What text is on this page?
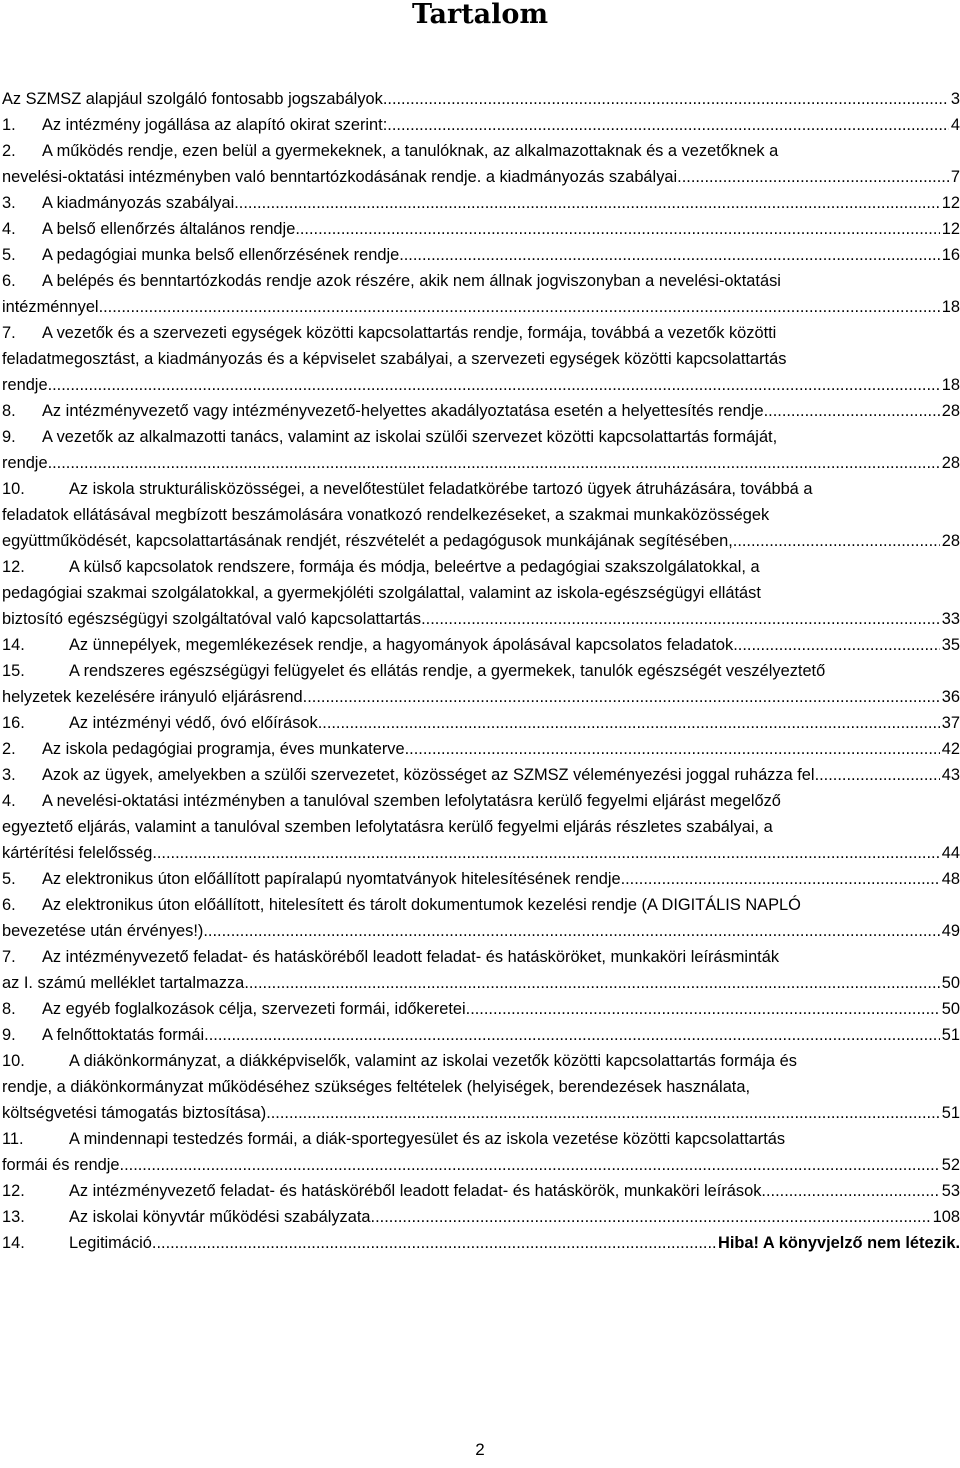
Tartalom
Az SZMSZ alapjául szolgáló fontosabb jogszabályok .....	3
1. Az intézmény jogállása az alapító okirat szerint: .....	4
2. A működés rendje, ezen belül a gyermekeknek, a tanulóknak, az alkalmazottaknak és a vezetőknek a
nevelési-oktatási intézményben való benntartózkodásának rendje. a kiadmányozás szabályai .....	7
3. A kiadmányozás szabályai .....	12
4. A belső ellenőrzés általános rendje .....	12
5. A pedagógiai munka belső ellenőrzésének rendje .....	16
6. A belépés és benntartózkodás rendje azok részére, akik nem állnak jogviszonyban a nevelési-oktatási
intézménnyel .....	18
7. A vezetők és a szervezeti egységek közötti kapcsolattartás rendje, formája, továbbá a vezetők közötti
feladatmegosztást, a kiadmányozás és a képviselet szabályai, a szervezeti egységek közötti kapcsolattartás
rendje .....	18
8. Az intézményvezető vagy intézményvezető-helyettes akadályoztatása esetén a helyettesítés rendje .....	28
9. A vezetők az alkalmazotti tanács, valamint az iskolai szülői szervezet közötti kapcsolattartás formáját,
rendje .....	28
10.	Az iskola strukturálisközösségei, a nevelőtestület feladatkörébe tartozó ügyek átruházására, továbbá a
feladatok ellátásával megbízott beszámolására vonatkozó rendelkezéseket, a szakmai munkaközösségek
együttműködését, kapcsolattartásának rendjét, részvételét a pedagógusok munkájának segítésében, .....	28
12.	A külső kapcsolatok rendszere, formája és módja, beleértve a pedagógiai szakszolgálatokkal, a
pedagógiai szakmai szolgálatokkal, a gyermekjóléti szolgálattal, valamint az iskola-egészségügyi ellátást
biztosító egészségügyi szolgáltatóval való kapcsolattartás .....	33
14.	Az ünnepélyek, megemlékezések rendje, a hagyományok ápolásával kapcsolatos feladatok .....	35
15.	A rendszeres egészségügyi felügyelet és ellátás rendje, a gyermekek, tanulók egészségét veszélyeztető
helyzetek kezelésére irányuló eljárásrend .....	36
16.	Az intézményi védő, óvó előírások .....	37
2. Az iskola pedagógiai programja, éves munkaterve .....	42
3. Azok az ügyek, amelyekben a szülői szervezetet, közösséget az SZMSZ véleményezési joggal ruházza fel .....	43
4. A nevelési-oktatási intézményben a tanulóval szemben lefolytatásra kerülő fegyelmi eljárást megelőző
egyeztető eljárás, valamint a tanulóval szemben lefolytatásra kerülő fegyelmi eljárás részletes szabályai, a
kártérítési felelősség .....	44
5. Az elektronikus úton előállított papíralapú nyomtatványok hitelesítésének rendje .....	48
6. Az elektronikus úton előállított, hitelesített és tárolt dokumentumok kezelési rendje (A DIGITÁLIS NAPLÓ
bevezetése után érvényes!) .....	49
7. Az intézményvezető feladat- és hatásköréből leadott feladat- és hatásköröket, munkaköri leírásminták
az I. számú melléklet tartalmazza .....	50
8. Az egyéb foglalkozások célja, szervezeti formái, időkeretei .....	50
9. A felnőttoktatás formái .....	51
10.	A diákönkormányzat, a diákképviselők, valamint az iskolai vezetők közötti kapcsolattartás formája és
rendje, a diákönkormányzat működéséhez szükséges feltételek (helyiségek, berendezések használata,
költségvetési támogatás biztosítása) .....	51
11.	A mindennapi testedzés formái, a diák-sportegyesület és az iskola vezetése közötti kapcsolattartás
formái és rendje .....	52
12.	Az intézményvezető feladat- és hatásköréből leadott feladat- és hatáskörök, munkaköri leírások .....	53
13.	Az iskolai könyvtár működési szabályzata .....	108
14.	Legitimáció .....	Hiba! A könyvjelző nem létezik.
2
